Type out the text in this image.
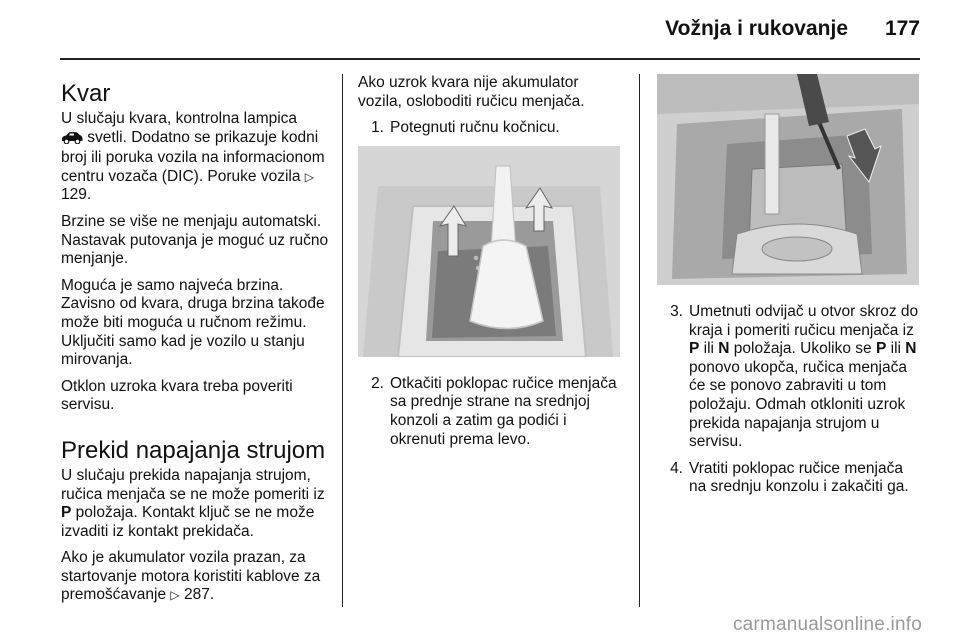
Vožnja i rukovanje 177
Kvar

U slučaju kvara, kontrolna lampica
svetli. Dodatno se prikazuje kodni broj ili poruka vozila na informacionom centru vozača (DIC). Poruke vozila ▷ 129.

Brzine se više ne menjaju automatski. Nastavak putovanja je moguć uz ručno menjanje.

Moguća je samo najveća brzina. Zavisno od kvara, druga brzina takođe može biti moguća u ručnom režimu. Uključiti samo kad je vozilo u stanju mirovanja.

Otklon uzroka kvara treba poveriti servisu.

Prekid napajanja strujom

U slučaju prekida napajanja strujom, ručica menjača se ne može pomeriti iz P položaja. Kontakt ključ se ne može izvaditi iz kontakt prekidača.

Ako je akumulator vozila prazan, za startovanje motora koristiti kablove za premošćavanje ▷ 287.

Ako uzrok kvara nije akumulator vozila, osloboditi ručicu menjača.

1. Potegnuti ručnu kočnicu.
2. Otkačiti poklopac ručice menjača sa prednje strane na srednjoj konzoli a zatim ga podići i okrenuti prema levo.
3. Umetnuti odvijač u otvor skroz do kraja i pomeriti ručicu menjača iz P ili N položaja. Ukoliko se P ili N ponovo ukopča, ručica menjača će se ponovo zabraviti u tom položaju. Odmah otkloniti uzrok prekida napajanja strujom u servisu.
4. Vratiti poklopac ručice menjača na srednju konzolu i zakačiti ga.
carmanualsonline.info
